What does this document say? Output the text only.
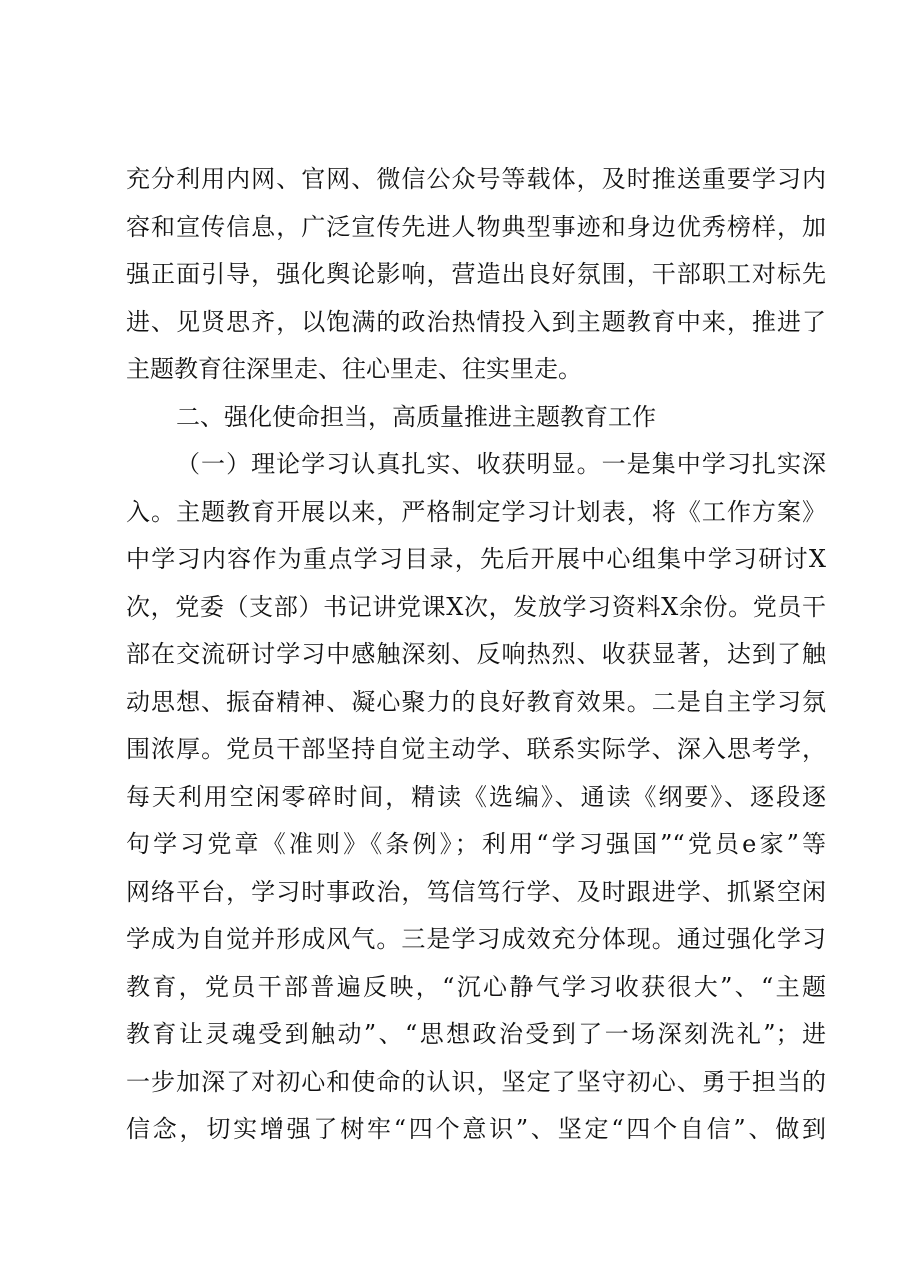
充分利用内网、官网、微信公众号等载体，及时推送重要学习内
容和宣传信息，广泛宣传先进人物典型事迹和身边优秀榜样，加
强正面引导，强化舆论影响，营造出良好氛围，干部职工对标先
进、见贤思齐，以饱满的政治热情投入到主题教育中来，推进了
主题教育往深里走、往心里走、往实里走。
二、强化使命担当，高质量推进主题教育工作
（一）理论学习认真扎实、收获明显。一是集中学习扎实深
入。主题教育开展以来，严格制定学习计划表，将《工作方案》
中学习内容作为重点学习目录，先后开展中心组集中学习研讨X
次，党委（支部）书记讲党课X次，发放学习资料X余份。党员干
部在交流研讨学习中感触深刻、反响热烈、收获显著，达到了触
动思想、振奋精神、凝心聚力的良好教育效果。二是自主学习氛
围浓厚。党员干部坚持自觉主动学、联系实际学、深入思考学，
每天利用空闲零碎时间，精读《选编》、通读《纲要》、逐段逐
句学习党章《准则》《条例》；利用“学习强国”“党员e家”等
网络平台，学习时事政治，笃信笃行学、及时跟进学、抓紧空闲
学成为自觉并形成风气。三是学习成效充分体现。通过强化学习
教育，党员干部普遍反映，“沉心静气学习收获很大”、“主题
教育让灵魂受到触动”、“思想政治受到了一场深刻洗礼”；进
一步加深了对初心和使命的认识，坚定了坚守初心、勇于担当的
信念，切实增强了树牢“四个意识”、坚定“四个自信”、做到
